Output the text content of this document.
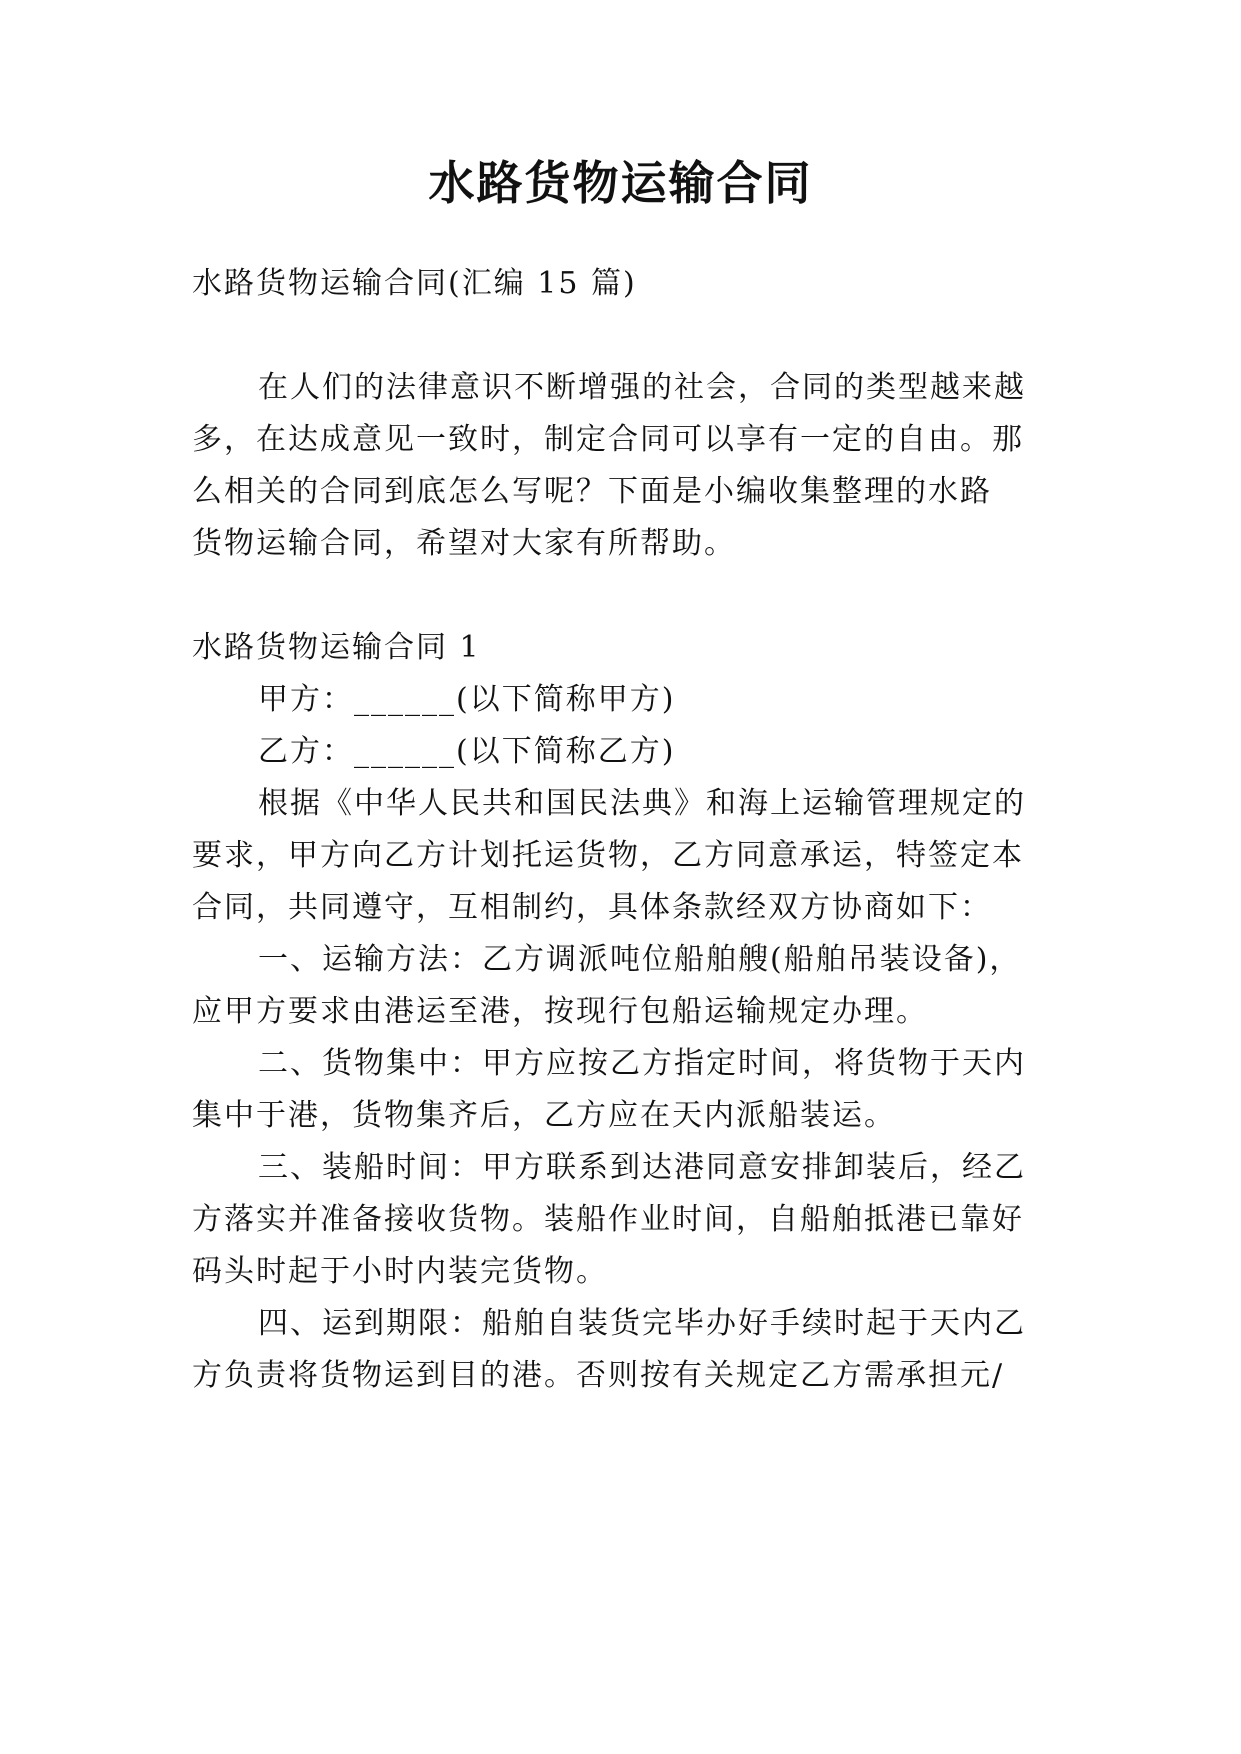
水路货物运输合同
水路货物运输合同(汇编 15 篇)
在人们的法律意识不断增强的社会，合同的类型越来越
多，在达成意见一致时，制定合同可以享有一定的自由。那
么相关的合同到底怎么写呢？下面是小编收集整理的水路
货物运输合同，希望对大家有所帮助。
水路货物运输合同 1
甲方：______(以下简称甲方)
乙方：______(以下简称乙方)
根据《中华人民共和国民法典》和海上运输管理规定的
要求，甲方向乙方计划托运货物，乙方同意承运，特签定本
合同，共同遵守，互相制约，具体条款经双方协商如下：
一、运输方法：乙方调派吨位船舶艘(船舶吊装设备)，
应甲方要求由港运至港，按现行包船运输规定办理。
二、货物集中：甲方应按乙方指定时间，将货物于天内
集中于港，货物集齐后，乙方应在天内派船装运。
三、装船时间：甲方联系到达港同意安排卸装后，经乙
方落实并准备接收货物。装船作业时间，自船舶抵港已靠好
码头时起于小时内装完货物。
四、运到期限：船舶自装货完毕办好手续时起于天内乙
方负责将货物运到目的港。否则按有关规定乙方需承担元/
